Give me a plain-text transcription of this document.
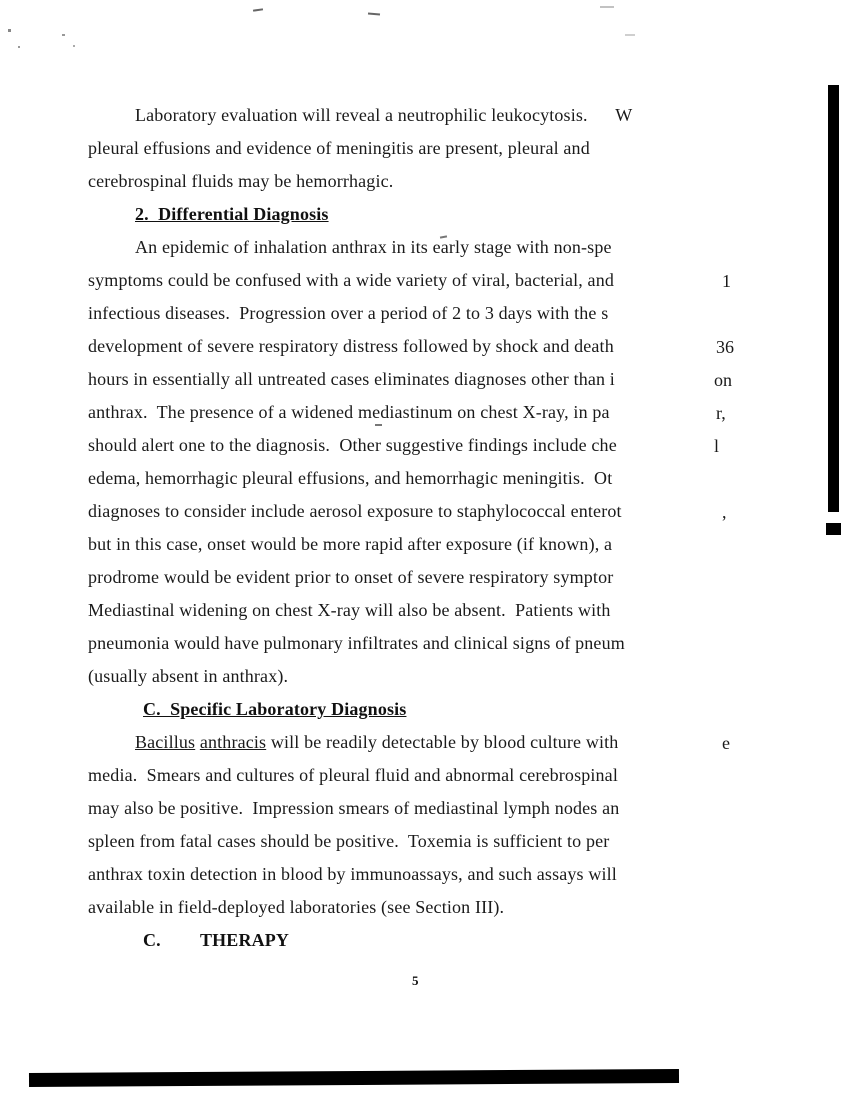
Laboratory evaluation will reveal a neutrophilic leukocytosis.      W
pleural effusions and evidence of meningitis are present, pleural and
cerebrospinal fluids may be hemorrhagic.
2.  Differential Diagnosis
An epidemic of inhalation anthrax in its early stage with non-spe
symptoms could be confused with a wide variety of viral, bacterial, and
infectious diseases.  Progression over a period of 2 to 3 days with the s
development of severe respiratory distress followed by shock and death
hours in essentially all untreated cases eliminates diagnoses other than i
anthrax.  The presence of a widened mediastinum on chest X-ray, in pa
should alert one to the diagnosis.  Other suggestive findings include che
edema, hemorrhagic pleural effusions, and hemorrhagic meningitis.  Ot
diagnoses to consider include aerosol exposure to staphylococcal enterot
but in this case, onset would be more rapid after exposure (if known), a
prodrome would be evident prior to onset of severe respiratory symptor
Mediastinal widening on chest X-ray will also be absent.  Patients with
pneumonia would have pulmonary infiltrates and clinical signs of pneum
(usually absent in anthrax).
C.  Specific Laboratory Diagnosis
Bacillus anthracis will be readily detectable by blood culture with
media.  Smears and cultures of pleural fluid and abnormal cerebrospinal
may also be positive.  Impression smears of mediastinal lymph nodes an
spleen from fatal cases should be positive.  Toxemia is sufficient to per
anthrax toxin detection in blood by immunoassays, and such assays will
available in field-deployed laboratories (see Section III).
C. THERAPY
1
36
on
r,
l
,
e
5
